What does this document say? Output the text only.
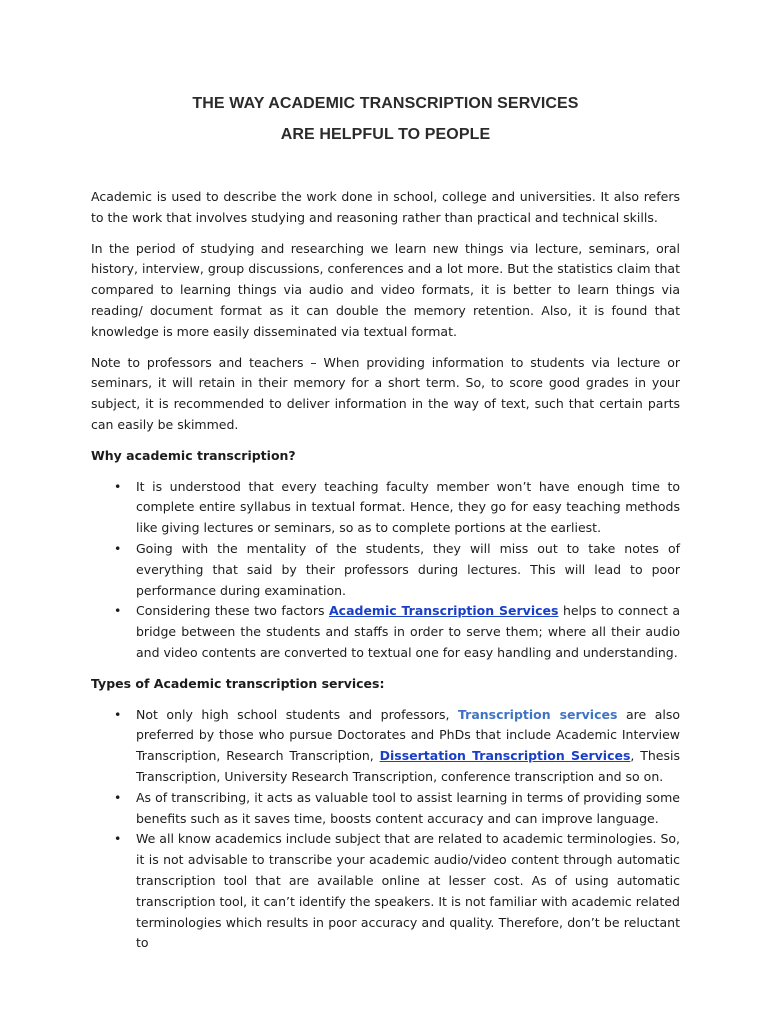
THE WAY ACADEMIC TRANSCRIPTION SERVICES
ARE HELPFUL TO PEOPLE

Academic is used to describe the work done in school, college and universities. It also refers to the work that involves studying and reasoning rather than practical and technical skills.

In the period of studying and researching we learn new things via lecture, seminars, oral history, interview, group discussions, conferences and a lot more. But the statistics claim that compared to learning things via audio and video formats, it is better to learn things via reading/ document format as it can double the memory retention. Also, it is found that knowledge is more easily disseminated via textual format.

Note to professors and teachers – When providing information to students via lecture or seminars, it will retain in their memory for a short term. So, to score good grades in your subject, it is recommended to deliver information in the way of text, such that certain parts can easily be skimmed.

Why academic transcription?
• It is understood that every teaching faculty member won’t have enough time to complete entire syllabus in textual format. Hence, they go for easy teaching methods like giving lectures or seminars, so as to complete portions at the earliest.
• Going with the mentality of the students, they will miss out to take notes of everything that said by their professors during lectures. This will lead to poor performance during examination.
• Considering these two factors Academic Transcription Services helps to connect a bridge between the students and staffs in order to serve them; where all their audio and video contents are converted to textual one for easy handling and understanding.
Types of Academic transcription services:
• Not only high school students and professors, Transcription services are also preferred by those who pursue Doctorates and PhDs that include Academic Interview Transcription, Research Transcription, Dissertation Transcription Services, Thesis Transcription, University Research Transcription, conference transcription and so on.
• As of transcribing, it acts as valuable tool to assist learning in terms of providing some benefits such as it saves time, boosts content accuracy and can improve language.
• We all know academics include subject that are related to academic terminologies. So, it is not advisable to transcribe your academic audio/video content through automatic transcription tool that are available online at lesser cost. As of using automatic transcription tool, it can’t identify the speakers. It is not familiar with academic related terminologies which results in poor accuracy and quality. Therefore, don’t be reluctant to
